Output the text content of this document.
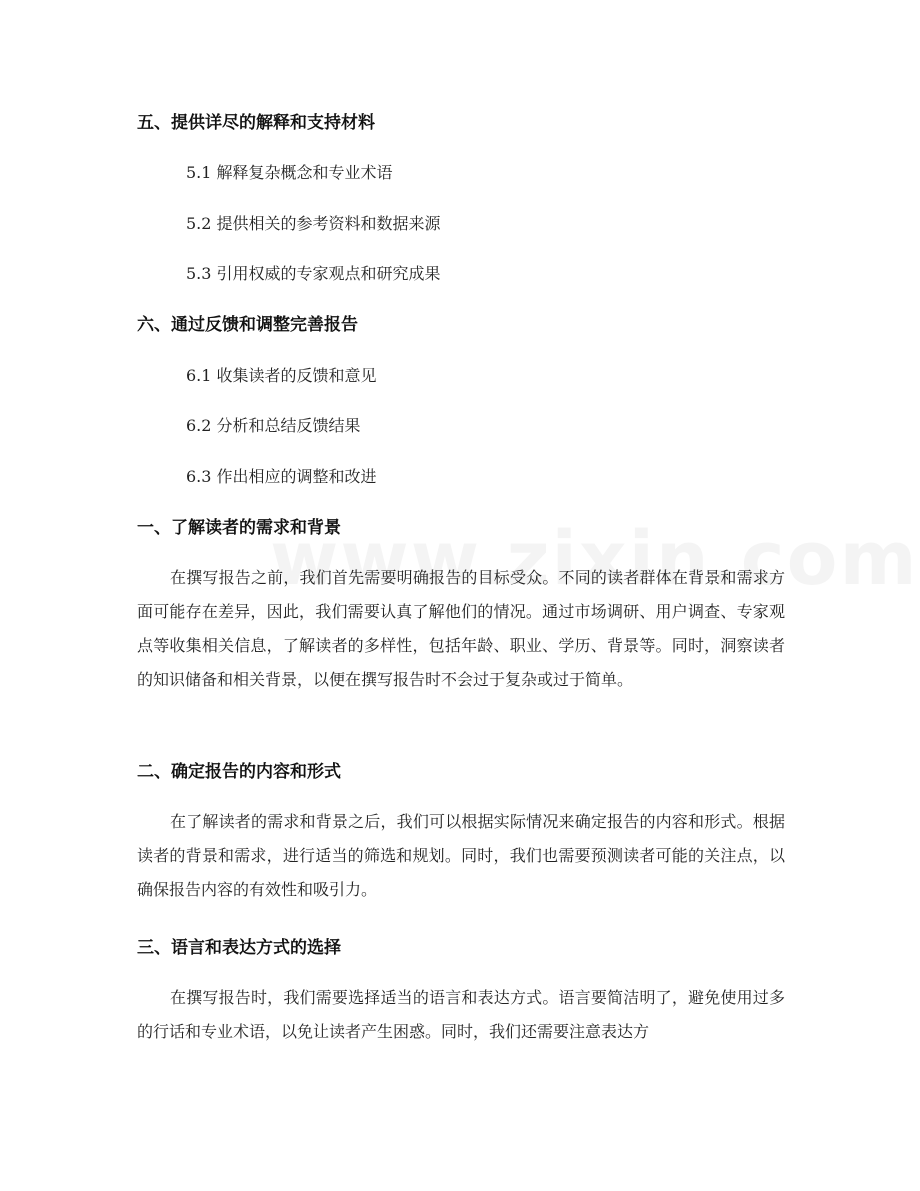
五、提供详尽的解释和支持材料
5.1 解释复杂概念和专业术语
5.2 提供相关的参考资料和数据来源
5.3 引用权威的专家观点和研究成果
六、通过反馈和调整完善报告
6.1 收集读者的反馈和意见
6.2 分析和总结反馈结果
6.3 作出相应的调整和改进
一、了解读者的需求和背景
在撰写报告之前，我们首先需要明确报告的目标受众。不同的读者群体在背景和需求方面可能存在差异，因此，我们需要认真了解他们的情况。通过市场调研、用户调查、专家观点等收集相关信息，了解读者的多样性，包括年龄、职业、学历、背景等。同时，洞察读者的知识储备和相关背景，以便在撰写报告时不会过于复杂或过于简单。
二、确定报告的内容和形式
在了解读者的需求和背景之后，我们可以根据实际情况来确定报告的内容和形式。根据读者的背景和需求，进行适当的筛选和规划。同时，我们也需要预测读者可能的关注点，以确保报告内容的有效性和吸引力。
三、语言和表达方式的选择
在撰写报告时，我们需要选择适当的语言和表达方式。语言要简洁明了，避免使用过多的行话和专业术语，以免让读者产生困惑。同时，我们还需要注意表达方
